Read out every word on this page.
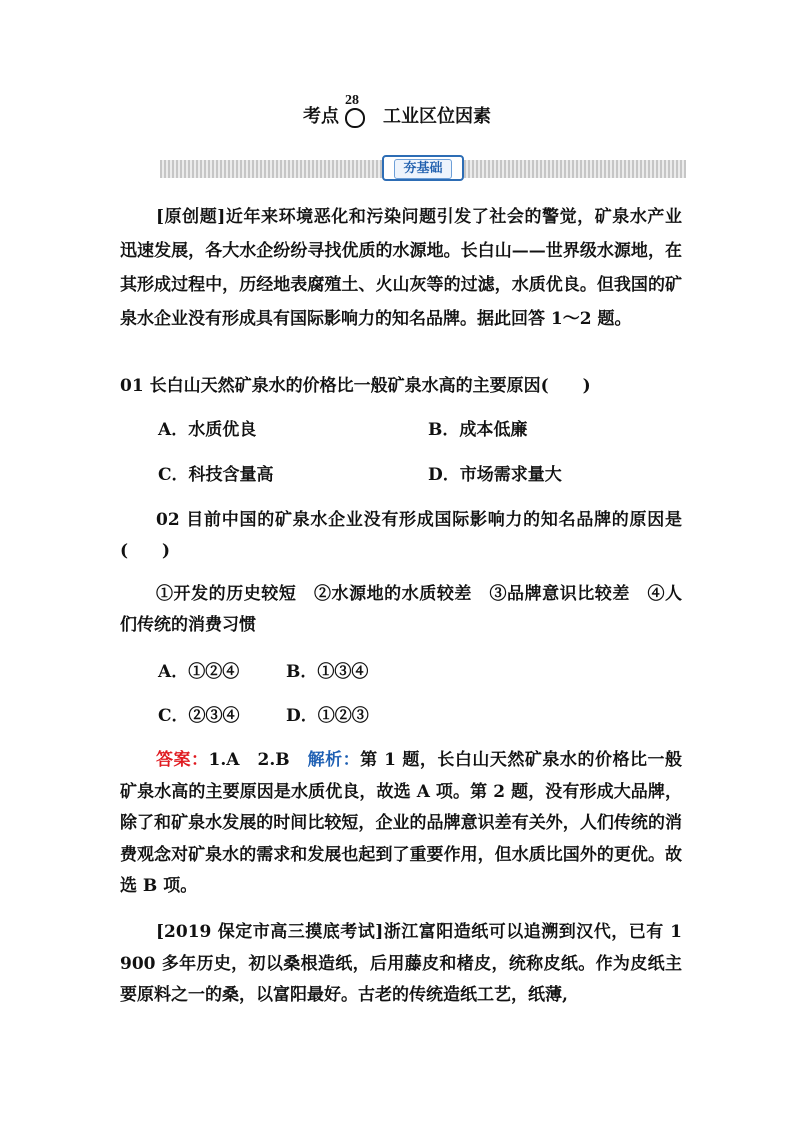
考点
28
工业区位因素
夯基础
[原创题]近年来环境恶化和污染问题引发了社会的警觉，矿泉水产业迅速发展，各大水企纷纷寻找优质的水源地。长白山——世界级水源地，在其形成过程中，历经地表腐殖土、火山灰等的过滤，水质优良。但我国的矿泉水企业没有形成具有国际影响力的知名品牌。据此回答 1～2 题。
01 长白山天然矿泉水的价格比一般矿泉水高的主要原因(　　)
A．水质优良	B．成本低廉
C．科技含量高	D．市场需求量大
02 目前中国的矿泉水企业没有形成国际影响力的知名品牌的原因是(　　)
①开发的历史较短　②水源地的水质较差　③品牌意识比较差　④人们传统的消费习惯
A．①②④	B．①③④
C．②③④	D．①②③
答案：1.A　2.B　解析：第 1 题，长白山天然矿泉水的价格比一般矿泉水高的主要原因是水质优良，故选 A 项。第 2 题，没有形成大品牌，除了和矿泉水发展的时间比较短，企业的品牌意识差有关外，人们传统的消费观念对矿泉水的需求和发展也起到了重要作用，但水质比国外的更优。故选 B 项。
[2019 保定市高三摸底考试]浙江富阳造纸可以追溯到汉代，已有 1 900 多年历史，初以桑根造纸，后用藤皮和楮皮，统称皮纸。作为皮纸主要原料之一的桑，以富阳最好。古老的传统造纸工艺，纸薄,
